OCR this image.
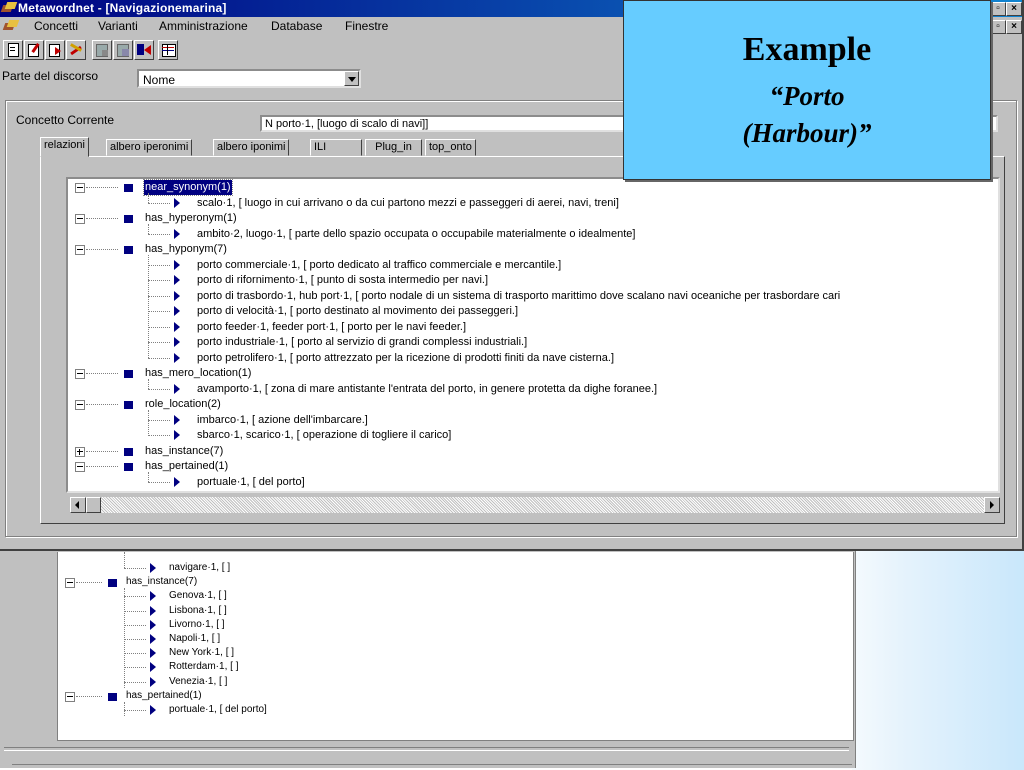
navigare·1, [ ]
has_instance(7)
Genova·1, [ ]
Lisbona·1, [ ]
Livorno·1, [ ]
Napoli·1, [ ]
New York·1, [ ]
Rotterdam·1, [ ]
Venezia·1, [ ]
has_pertained(1)
portuale·1, [ del porto]
Metawordnet - [Navigazionemarina]	▫	×
Concetti Varianti Amministrazione Database Finestre	▫	×
Parte del discorso	Nome
Concetto Corrente	N porto·1, [luogo di scalo di navi]]
relazioni	albero iperonimi	albero iponimi	ILI	Plug_in	top_onto
near_synonym(1)
scalo·1, [ luogo in cui arrivano o da cui partono mezzi e passeggeri di aerei, navi, treni]
has_hyperonym(1)
ambito·2, luogo·1, [ parte dello spazio occupata o occupabile materialmente o idealmente]
has_hyponym(7)
porto commerciale·1, [ porto dedicato al traffico commerciale e mercantile.]
porto di rifornimento·1, [ punto di sosta intermedio per navi.]
porto di trasbordo·1, hub port·1, [ porto nodale di un sistema di trasporto marittimo dove scalano navi oceaniche per trasbordare cari
porto di velocità·1, [ porto destinato al movimento dei passeggeri.]
porto feeder·1, feeder port·1, [ porto per le navi feeder.]
porto industriale·1, [ porto al servizio di grandi complessi industriali.]
porto petrolifero·1, [ porto attrezzato per la ricezione di prodotti finiti da nave cisterna.]
has_mero_location(1)
avamporto·1, [ zona di mare antistante l'entrata del porto, in genere protetta da dighe foranee.]
role_location(2)
imbarco·1, [ azione dell'imbarcare.]
sbarco·1, scarico·1, [ operazione di togliere il carico]
has_instance(7)
has_pertained(1)
portuale·1, [ del porto]
Example
“Porto
(Harbour)”
